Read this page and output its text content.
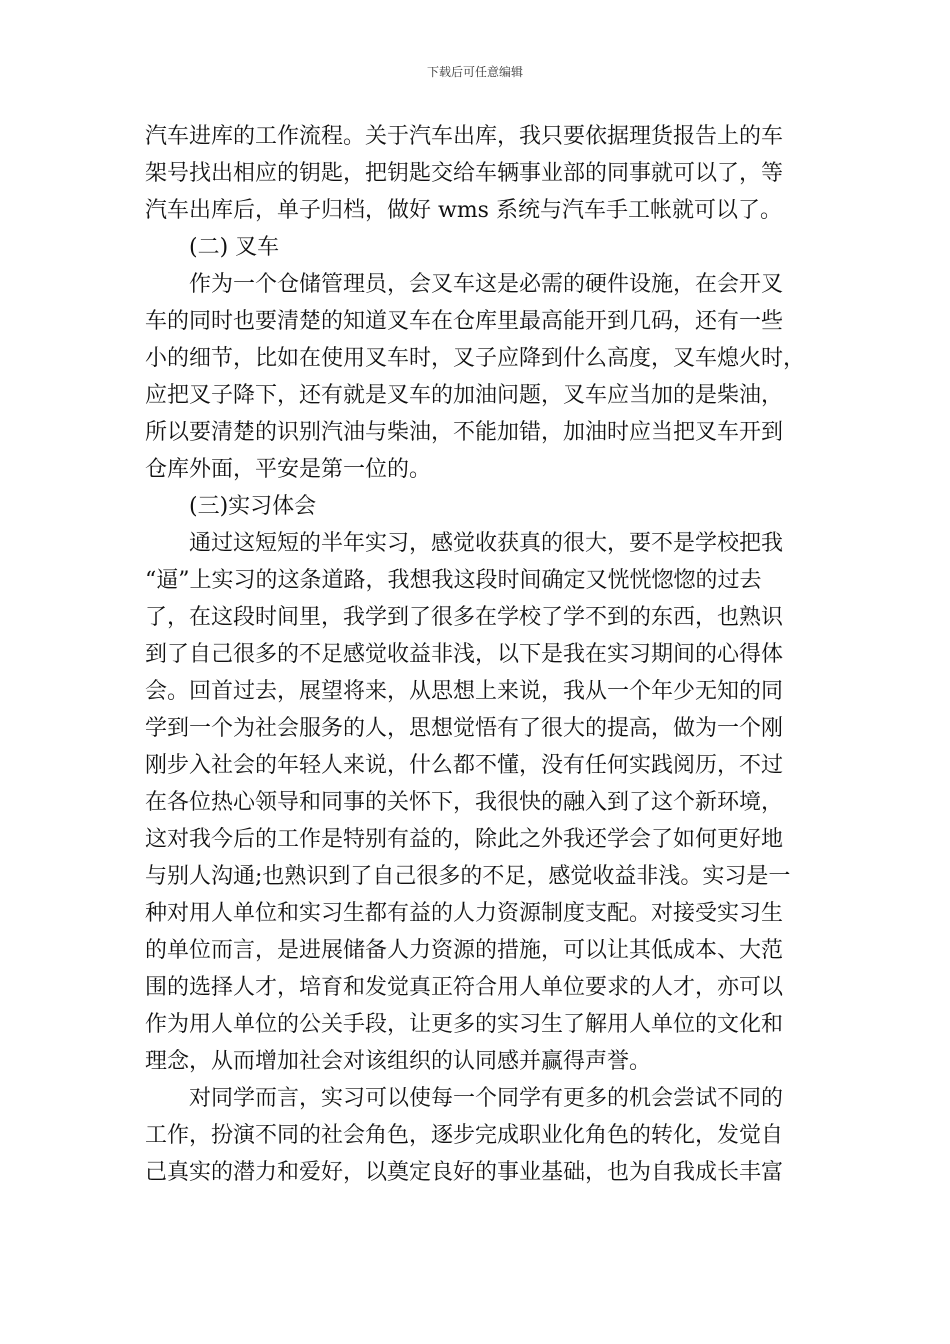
下载后可任意编辑
汽车进库的工作流程。关于汽车出库，我只要依据理货报告上的车
架号找出相应的钥匙，把钥匙交给车辆事业部的同事就可以了，等
汽车出库后，单子归档，做好 wms 系统与汽车手工帐就可以了。
(二) 叉车
作为一个仓储管理员，会叉车这是必需的硬件设施，在会开叉
车的同时也要清楚的知道叉车在仓库里最高能开到几码，还有一些
小的细节，比如在使用叉车时，叉子应降到什么高度，叉车熄火时，
应把叉子降下，还有就是叉车的加油问题，叉车应当加的是柴油，
所以要清楚的识别汽油与柴油，不能加错，加油时应当把叉车开到
仓库外面，平安是第一位的。
(三)实习体会
通过这短短的半年实习，感觉收获真的很大，要不是学校把我
“逼”上实习的这条道路，我想我这段时间确定又恍恍惚惚的过去
了，在这段时间里，我学到了很多在学校了学不到的东西，也熟识
到了自己很多的不足感觉收益非浅，以下是我在实习期间的心得体
会。回首过去，展望将来，从思想上来说，我从一个年少无知的同
学到一个为社会服务的人，思想觉悟有了很大的提高，做为一个刚
刚步入社会的年轻人来说，什么都不懂，没有任何实践阅历，不过
在各位热心领导和同事的关怀下，我很快的融入到了这个新环境，
这对我今后的工作是特别有益的，除此之外我还学会了如何更好地
与别人沟通;也熟识到了自己很多的不足，感觉收益非浅。实习是一
种对用人单位和实习生都有益的人力资源制度支配。对接受实习生
的单位而言，是进展储备人力资源的措施，可以让其低成本、大范
围的选择人才，培育和发觉真正符合用人单位要求的人才，亦可以
作为用人单位的公关手段，让更多的实习生了解用人单位的文化和
理念，从而增加社会对该组织的认同感并赢得声誉。
对同学而言，实习可以使每一个同学有更多的机会尝试不同的
工作，扮演不同的社会角色，逐步完成职业化角色的转化，发觉自
己真实的潜力和爱好，以奠定良好的事业基础，也为自我成长丰富
